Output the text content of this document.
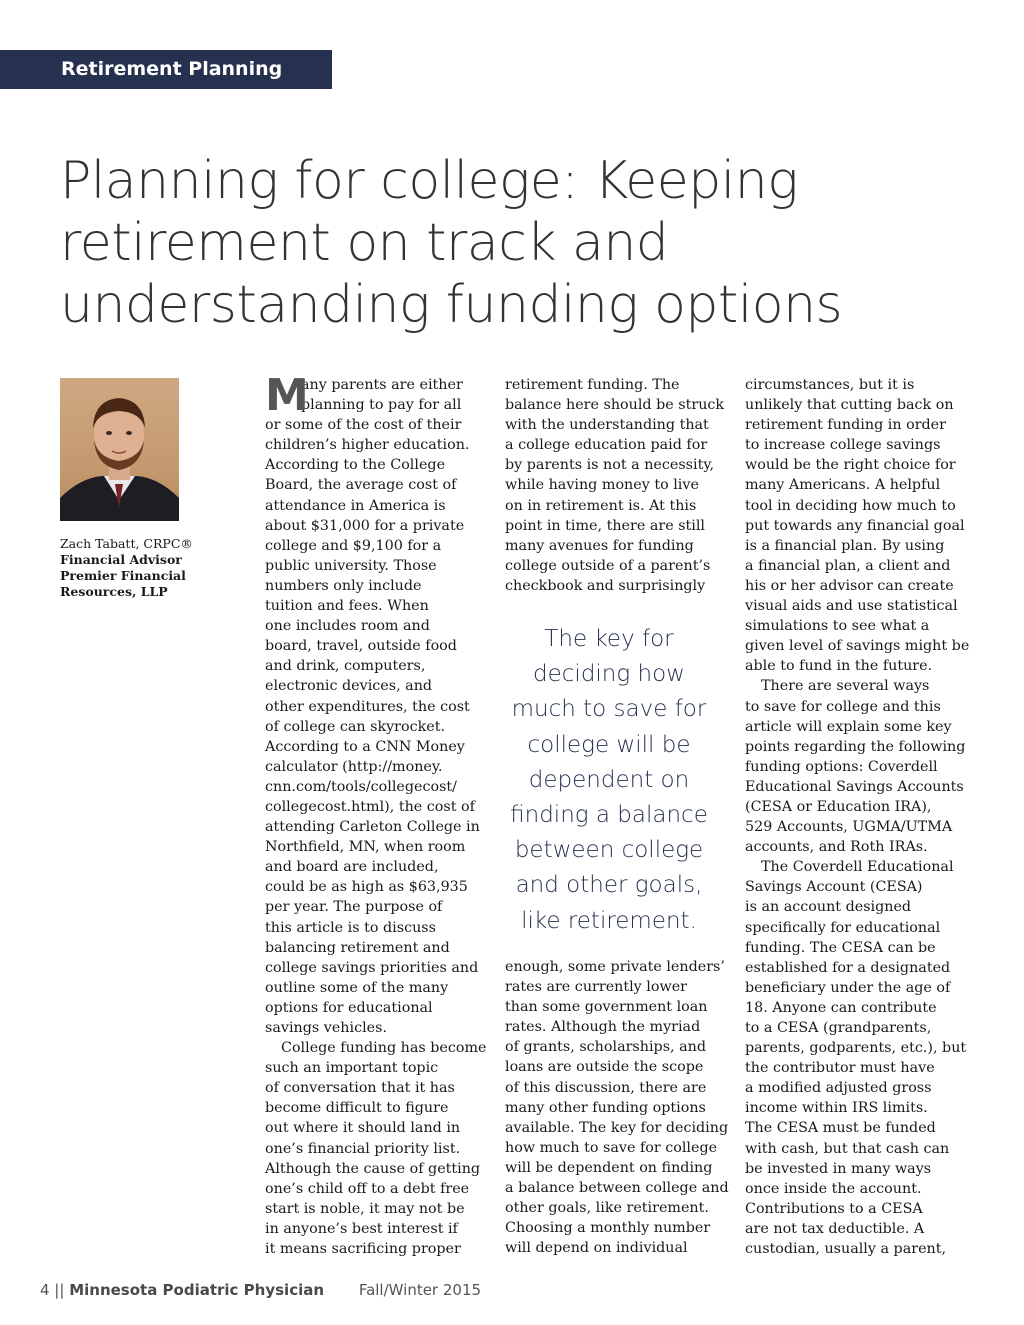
Retirement Planning
Planning for college: Keeping
retirement on track and
understanding funding options
Zach Tabatt, CRPC®
Financial Advisor
Premier Financial
Resources, LLP
M
any parents are either
planning to pay for all
or some of the cost of their
children’s higher education.
According to the College
Board, the average cost of
attendance in America is
about $31,000 for a private
college and $9,100 for a
public university. Those
numbers only include
tuition and fees. When
one includes room and
board, travel, outside food
and drink, computers,
electronic devices, and
other expenditures, the cost
of college can skyrocket.
According to a CNN Money
calculator (http://money.
cnn.com/tools/collegecost/
collegecost.html), the cost of
attending Carleton College in
Northfield, MN, when room
and board are included,
could be as high as $63,935
per year. The purpose of
this article is to discuss
balancing retirement and
college savings priorities and
outline some of the many
options for educational
savings vehicles.
College funding has become
such an important topic
of conversation that it has
become difficult to figure
out where it should land in
one’s financial priority list.
Although the cause of getting
one’s child off to a debt free
start is noble, it may not be
in anyone’s best interest if
it means sacrificing proper
retirement funding. The
balance here should be struck
with the understanding that
a college education paid for
by parents is not a necessity,
while having money to live
on in retirement is. At this
point in time, there are still
many avenues for funding
college outside of a parent’s
checkbook and surprisingly
The key for
deciding how
much to save for
college will be
dependent on
finding a balance
between college
and other goals,
like retirement.
enough, some private lenders’
rates are currently lower
than some government loan
rates. Although the myriad
of grants, scholarships, and
loans are outside the scope
of this discussion, there are
many other funding options
available. The key for deciding
how much to save for college
will be dependent on finding
a balance between college and
other goals, like retirement.
Choosing a monthly number
will depend on individual
circumstances, but it is
unlikely that cutting back on
retirement funding in order
to increase college savings
would be the right choice for
many Americans. A helpful
tool in deciding how much to
put towards any financial goal
is a financial plan. By using
a financial plan, a client and
his or her advisor can create
visual aids and use statistical
simulations to see what a
given level of savings might be
able to fund in the future.
There are several ways
to save for college and this
article will explain some key
points regarding the following
funding options: Coverdell
Educational Savings Accounts
(CESA or Education IRA),
529 Accounts, UGMA/UTMA
accounts, and Roth IRAs.
The Coverdell Educational
Savings Account (CESA)
is an account designed
specifically for educational
funding. The CESA can be
established for a designated
beneficiary under the age of
18. Anyone can contribute
to a CESA (grandparents,
parents, godparents, etc.), but
the contributor must have
a modified adjusted gross
income within IRS limits.
The CESA must be funded
with cash, but that cash can
be invested in many ways
once inside the account.
Contributions to a CESA
are not tax deductible. A
custodian, usually a parent,
4 || Minnesota Podiatric Physician Fall/Winter 2015
